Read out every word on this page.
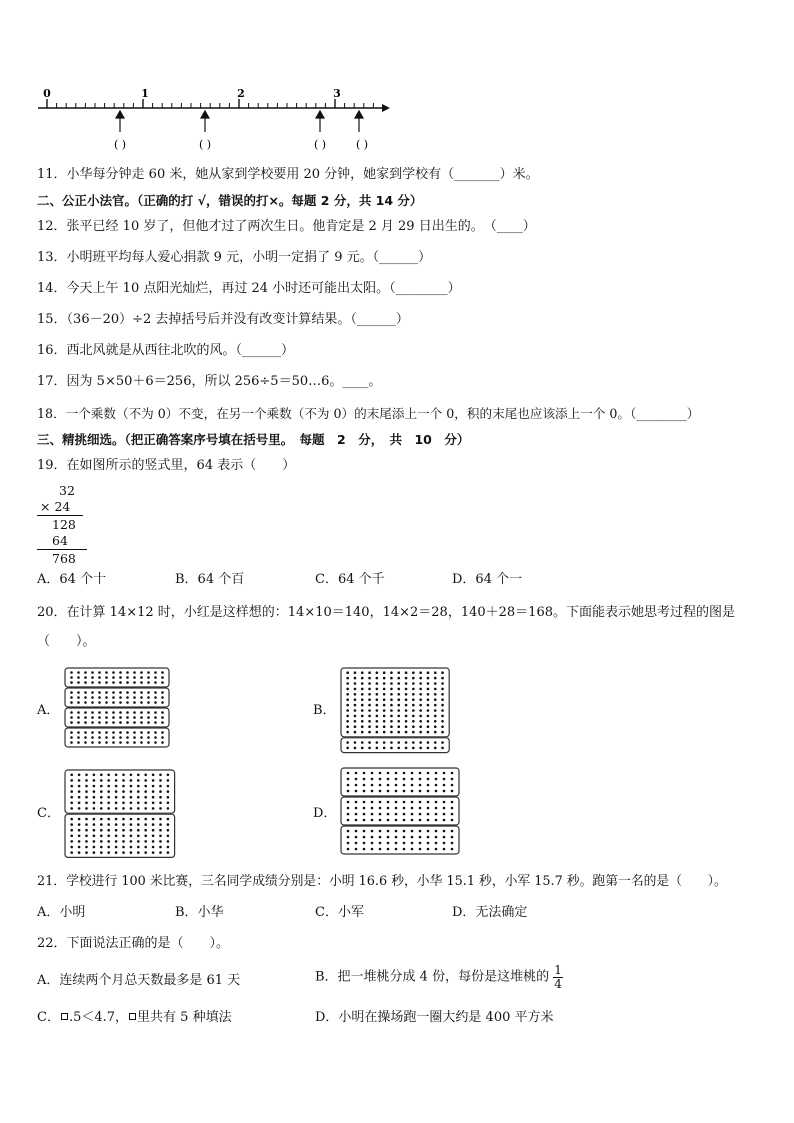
0	1	2	3
( )	( )	( )	( )
11．小华每分钟走 60 米，她从家到学校要用 20 分钟，她家到学校有（_______）米。
二、公正小法官。（正确的打 √，错误的打×。每题 2 分，共 14 分）
12．张平已经 10 岁了，但他才过了两次生日。他肯定是 2 月 29 日出生的。　（____）
13．小明班平均每人爱心捐款 9 元，小明一定捐了 9 元。（______）
14．今天上午 10 点阳光灿烂，再过 24 小时还可能出太阳。（________）
15．（36－20）÷2 去掉括号后并没有改变计算结果。（______）
16．西北风就是从西往北吹的风。（______）
17．因为 5×50＋6＝256，所以 256÷5＝50…6。____。
18．一个乘数（不为 0）不变，在另一个乘数（不为 0）的末尾添上一个 0，积的末尾也应该添上一个 0。（________）
三、精挑细选。（把正确答案序号填在括号里。　每题　2　分，　共　10　分）
19．在如图所示的竖式里，64 表示（　　）
32
× 24
128
64
768
A．64 个十	B．64 个百	C．64 个千	D．64 个一
20．在计算 14×12 时，小红是这样想的：14×10＝140，14×2＝28，140＋28＝168。下面能表示她思考过程的图是
（　　）。
A．	B．
C．	D．
21．学校进行 100 米比赛，三名同学成绩分别是：小明 16.6 秒，小华 15.1 秒，小军 15.7 秒。跑第一名的是（　　）。
A．小明	B．小华	C．小军	D．无法确定
22．下面说法正确的是（　　）。
A．连续两个月总天数最多是 61 天	B．把一堆桃分成 4 份，每份是这堆桃的 $\frac{1}{4}$
C． .5＜4.7， 里共有 5 种填法	D．小明在操场跑一圈大约是 400 平方米
